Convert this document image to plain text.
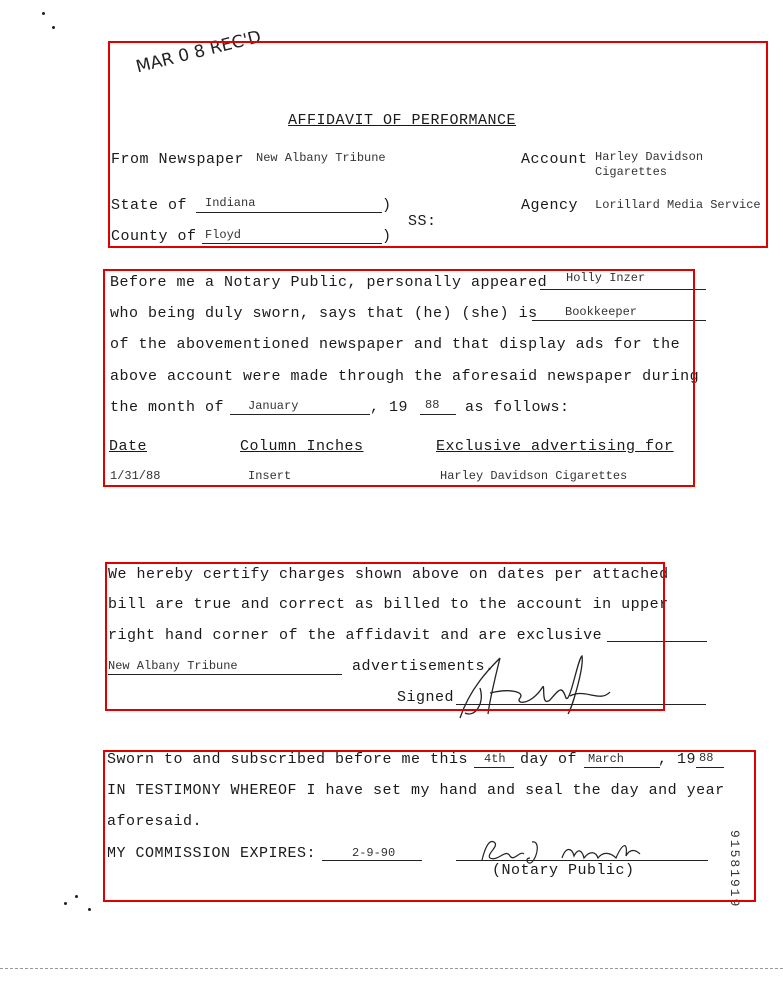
MAR 0 8 REC'D
AFFIDAVIT OF PERFORMANCE
From Newspaper New Albany Tribune	Account Harley Davidson
Cigarettes
State of Indiana	)	Agency Lorillard Media Service
SS:
County of Floyd	)
Before me a Notary Public, personally appeared Holly Inzer
who being duly sworn, says that (he) (she) is Bookkeeper
of the abovementioned newspaper and that display ads for the
above account were made through the aforesaid newspaper during
the month of January	, 19 88 as follows:
Date	Column Inches	Exclusive advertising for
1/31/88	Insert	Harley Davidson Cigarettes
We hereby certify charges shown above on dates per attached
bill are true and correct as billed to the account in upper
right hand corner of the affidavit and are exclusive
New Albany Tribune	advertisements.
Signed
Sworn to and subscribed before me this 4th day of March , 19 88
IN TESTIMONY WHEREOF I have set my hand and seal the day and year
aforesaid.
MY COMMISSION EXPIRES:	2-9-90
(Notary Public)	91581919
